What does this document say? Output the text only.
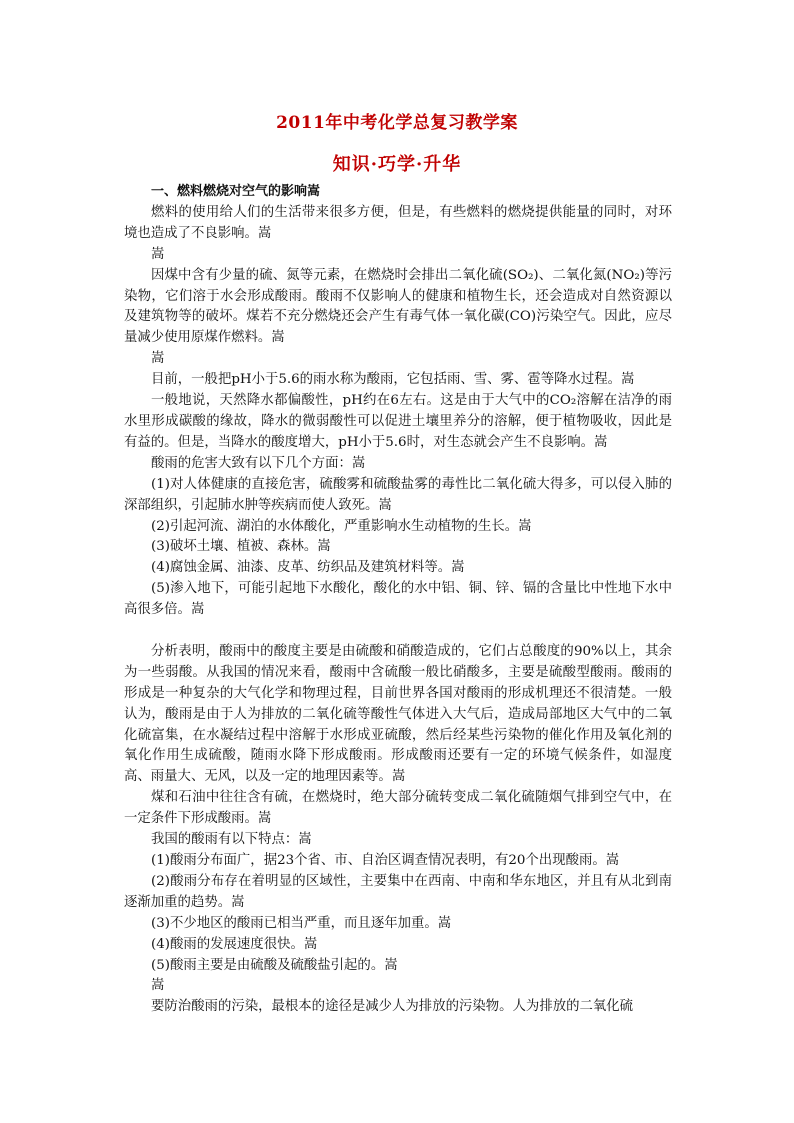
2011年中考化学总复习教学案
知识·巧学·升华

一、燃料燃烧对空气的影响嵩

燃料的使用给人们的生活带来很多方便，但是，有些燃料的燃烧提供能量的同时，对环境也造成了不良影响。嵩

嵩

因煤中含有少量的硫、氮等元素，在燃烧时会排出二氧化硫(SO₂)、二氧化氮(NO₂)等污染物，它们溶于水会形成酸雨。酸雨不仅影响人的健康和植物生长，还会造成对自然资源以及建筑物等的破坏。煤若不充分燃烧还会产生有毒气体一氧化碳(CO)污染空气。因此，应尽量减少使用原煤作燃料。嵩

嵩

目前，一般把pH小于5.6的雨水称为酸雨，它包括雨、雪、雾、雹等降水过程。嵩

一般地说，天然降水都偏酸性，pH约在6左右。这是由于大气中的CO₂溶解在洁净的雨水里形成碳酸的缘故，降水的微弱酸性可以促进土壤里养分的溶解，便于植物吸收，因此是有益的。但是，当降水的酸度增大，pH小于5.6时，对生态就会产生不良影响。嵩

酸雨的危害大致有以下几个方面：嵩

(1)对人体健康的直接危害，硫酸雾和硫酸盐雾的毒性比二氧化硫大得多，可以侵入肺的深部组织，引起肺水肿等疾病而使人致死。嵩

(2)引起河流、湖泊的水体酸化，严重影响水生动植物的生长。嵩

(3)破坏土壤、植被、森林。嵩

(4)腐蚀金属、油漆、皮革、纺织品及建筑材料等。嵩

(5)渗入地下，可能引起地下水酸化，酸化的水中铝、铜、锌、镉的含量比中性地下水中高很多倍。嵩

分析表明，酸雨中的酸度主要是由硫酸和硝酸造成的，它们占总酸度的90%以上，其余为一些弱酸。从我国的情况来看，酸雨中含硫酸一般比硝酸多，主要是硫酸型酸雨。酸雨的形成是一种复杂的大气化学和物理过程，目前世界各国对酸雨的形成机理还不很清楚。一般认为，酸雨是由于人为排放的二氧化硫等酸性气体进入大气后，造成局部地区大气中的二氧化硫富集，在水凝结过程中溶解于水形成亚硫酸，然后经某些污染物的催化作用及氧化剂的氧化作用生成硫酸，随雨水降下形成酸雨。形成酸雨还要有一定的环境气候条件，如湿度高、雨量大、无风，以及一定的地理因素等。嵩

煤和石油中往往含有硫，在燃烧时，绝大部分硫转变成二氧化硫随烟气排到空气中，在一定条件下形成酸雨。嵩

我国的酸雨有以下特点：嵩

(1)酸雨分布面广，据23个省、市、自治区调查情况表明，有20个出现酸雨。嵩

(2)酸雨分布存在着明显的区域性，主要集中在西南、中南和华东地区，并且有从北到南逐渐加重的趋势。嵩

(3)不少地区的酸雨已相当严重，而且逐年加重。嵩

(4)酸雨的发展速度很快。嵩

(5)酸雨主要是由硫酸及硫酸盐引起的。嵩

嵩

要防治酸雨的污染，最根本的途径是减少人为排放的污染物。人为排放的二氧化硫
